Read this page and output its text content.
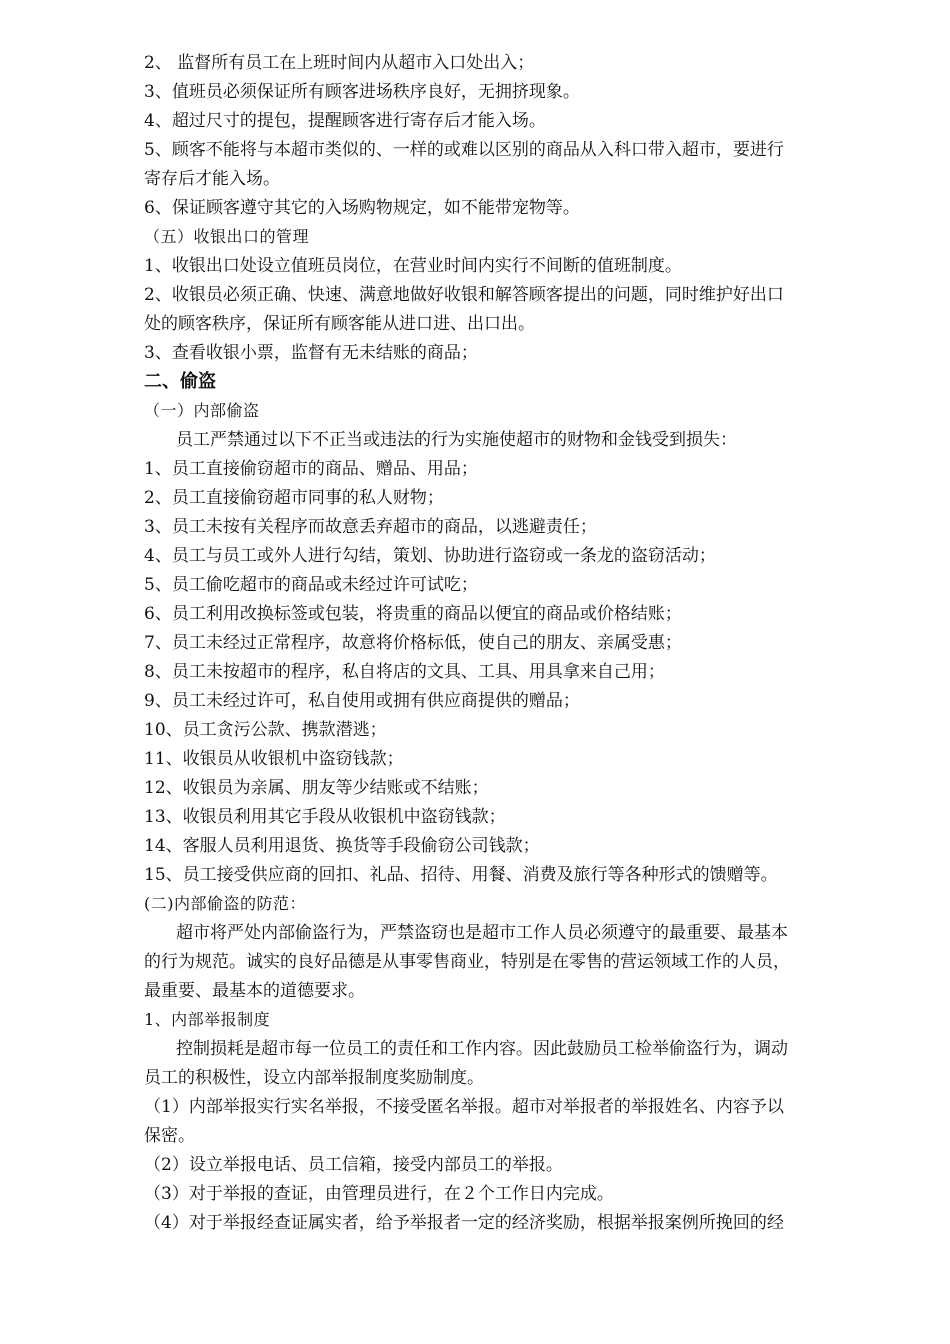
2、 监督所有员工在上班时间内从超市入口处出入；
3、值班员必须保证所有顾客进场秩序良好，无拥挤现象。
4、超过尺寸的提包，提醒顾客进行寄存后才能入场。
5、顾客不能将与本超市类似的、一样的或难以区别的商品从入科口带入超市，要进行
寄存后才能入场。
6、保证顾客遵守其它的入场购物规定，如不能带宠物等。
（五）收银出口的管理
1、收银出口处设立值班员岗位，在营业时间内实行不间断的值班制度。
2、收银员必须正确、快速、满意地做好收银和解答顾客提出的问题，同时维护好出口
处的顾客秩序，保证所有顾客能从进口进、出口出。
3、查看收银小票，监督有无未结账的商品；
二、偷盗
（一）内部偷盗
员工严禁通过以下不正当或违法的行为实施使超市的财物和金钱受到损失：
1、员工直接偷窃超市的商品、赠品、用品；
2、员工直接偷窃超市同事的私人财物；
3、员工未按有关程序而故意丢弃超市的商品，以逃避责任；
4、员工与员工或外人进行勾结，策划、协助进行盗窃或一条龙的盗窃活动；
5、员工偷吃超市的商品或未经过许可试吃；
6、员工利用改换标签或包装，将贵重的商品以便宜的商品或价格结账；
7、员工未经过正常程序，故意将价格标低，使自己的朋友、亲属受惠；
8、员工未按超市的程序，私自将店的文具、工具、用具拿来自己用；
9、员工未经过许可，私自使用或拥有供应商提供的赠品；
10、员工贪污公款、携款潜逃；
11、收银员从收银机中盗窃钱款；
12、收银员为亲属、朋友等少结账或不结账；
13、收银员利用其它手段从收银机中盗窃钱款；
14、客服人员利用退货、换货等手段偷窃公司钱款；
15、员工接受供应商的回扣、礼品、招待、用餐、消费及旅行等各种形式的馈赠等。
(二)内部偷盗的防范：
超市将严处内部偷盗行为，严禁盗窃也是超市工作人员必须遵守的最重要、最基本
的行为规范。诚实的良好品德是从事零售商业，特别是在零售的营运领域工作的人员，
最重要、最基本的道德要求。
1、内部举报制度
控制损耗是超市每一位员工的责任和工作内容。因此鼓励员工检举偷盗行为，调动
员工的积极性，设立内部举报制度奖励制度。
（1）内部举报实行实名举报，不接受匿名举报。超市对举报者的举报姓名、内容予以
保密。
（2）设立举报电话、员工信箱，接受内部员工的举报。
（3）对于举报的查证，由管理员进行，在２个工作日内完成。
（4）对于举报经查证属实者，给予举报者一定的经济奖励，根据举报案例所挽回的经
